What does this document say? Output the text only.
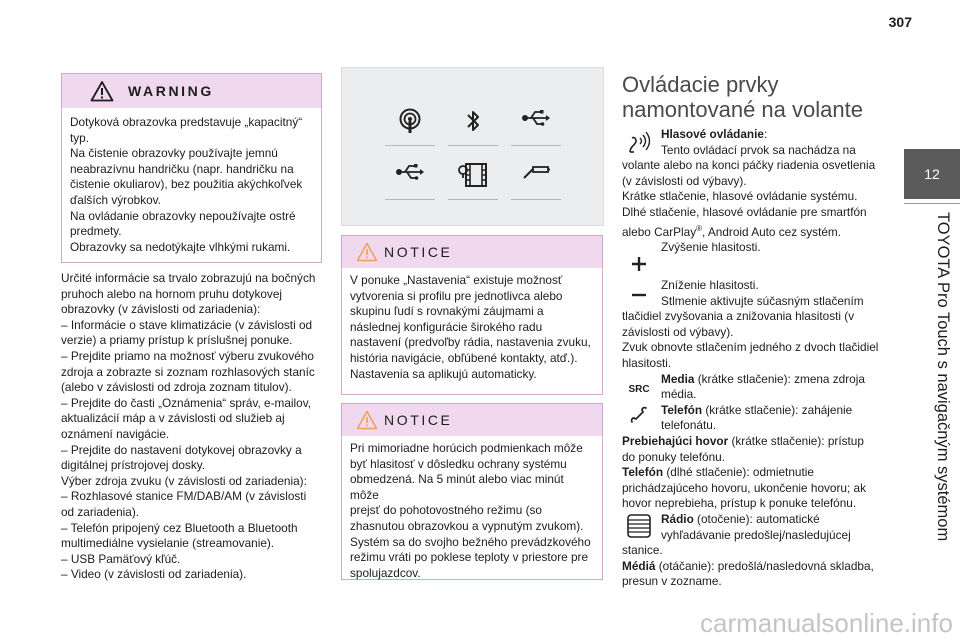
307
12
TOYOTA Pro Touch s navigačným systémom
WARNING
Dotyková obrazovka predstavuje „kapacitný“
typ.
Na čistenie obrazovky používajte jemnú
neabrazívnu handričku (napr. handričku na
čistenie okuliarov), bez použitia akýchkoľvek
ďalších výrobkov.
Na ovládanie obrazovky nepoužívajte ostré
predmety.
Obrazovky sa nedotýkajte vlhkými rukami.
Určité informácie sa trvalo zobrazujú na bočných
pruhoch alebo na hornom pruhu dotykovej
obrazovky (v závislosti od zariadenia):
– Informácie o stave klimatizácie (v závislosti od
verzie) a priamy prístup k príslušnej ponuke.
– Prejdite priamo na možnosť výberu zvukového
zdroja a zobrazte si zoznam rozhlasových staníc
(alebo v závislosti od zdroja zoznam titulov).
– Prejdite do časti „Oznámenia“ správ, e-mailov,
aktualizácií máp a v závislosti od služieb aj
oznámení navigácie.
– Prejdite do nastavení dotykovej obrazovky a
digitálnej prístrojovej dosky.
Výber zdroja zvuku (v závislosti od zariadenia):
– Rozhlasové stanice FM/DAB/AM (v závislosti
od zariadenia).
– Telefón pripojený cez Bluetooth a Bluetooth
multimediálne vysielanie (streamovanie).
– USB Pamäťový kľúč.
– Video (v závislosti od zariadenia).
NOTICE
V ponuke „Nastavenia“ existuje možnosť
vytvorenia si profilu pre jednotlivca alebo
skupinu ľudí s rovnakými záujmami a
následnej konfigurácie širokého radu
nastavení (predvoľby rádia, nastavenia zvuku,
história navigácie, obľúbené kontakty, atď.).
Nastavenia sa aplikujú automaticky.
NOTICE
Pri mimoriadne horúcich podmienkach môže
byť hlasitosť v dôsledku ochrany systému
obmedzená. Na 5 minút alebo viac minút môže
prejsť do pohotovostného režimu (so
zhasnutou obrazovkou a vypnutým zvukom).
Systém sa do svojho bežného prevádzkového
režimu vráti po poklese teploty v priestore pre
spolujazdcov.
Ovládacie prvky
namontované na volante
Hlasové ovládanie:
Tento ovládací prvok sa nachádza na
volante alebo na konci páčky riadenia osvetlenia
(v závislosti od výbavy).
Krátke stlačenie, hlasové ovládanie systému.
Dlhé stlačenie, hlasové ovládanie pre smartfón
alebo CarPlay®, Android Auto cez systém.
Zvýšenie hlasitosti.
Zníženie hlasitosti.
Stlmenie aktivujte súčasným stlačením
tlačidiel zvyšovania a znižovania hlasitosti (v
závislosti od výbavy).
Zvuk obnovte stlačením jedného z dvoch tlačidiel
hlasitosti.
SRC
Media (krátke stlačenie): zmena zdroja
média.
Telefón (krátke stlačenie): zahájenie
telefonátu.
Prebiehajúci hovor (krátke stlačenie): prístup
do ponuky telefónu.
Telefón (dlhé stlačenie): odmietnutie
prichádzajúceho hovoru, ukončenie hovoru; ak
hovor neprebieha, prístup k ponuke telefónu.
Rádio (otočenie): automatické
vyhľadávanie predošlej/nasledujúcej
stanice.
Médiá (otáčanie): predošlá/nasledovná skladba,
presun v zozname.
carmanualsonline.info
